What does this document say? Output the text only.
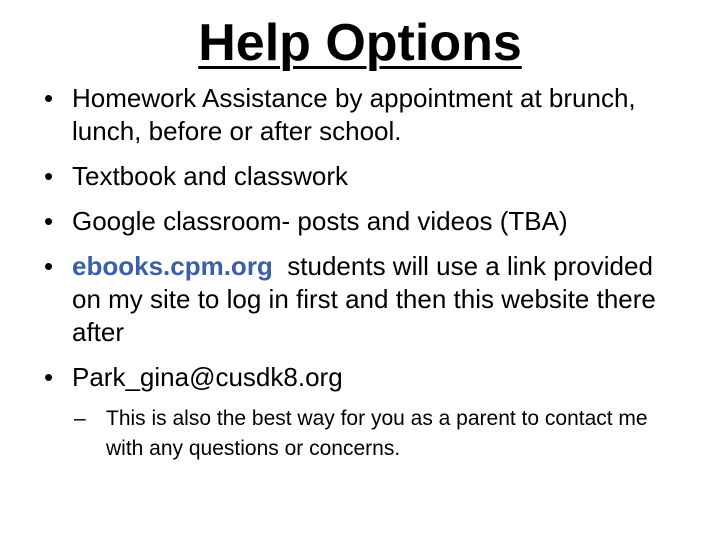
Help Options
• Homework Assistance by appointment at brunch, lunch, before or after school.
• Textbook and classwork
• Google classroom- posts and videos (TBA)
• ebooks.cpm.org  students will use a link provided on my site to log in first and then this website there after
• Park_gina@cusdk8.org
– This is also the best way for you as a parent to contact me with any questions or concerns.
